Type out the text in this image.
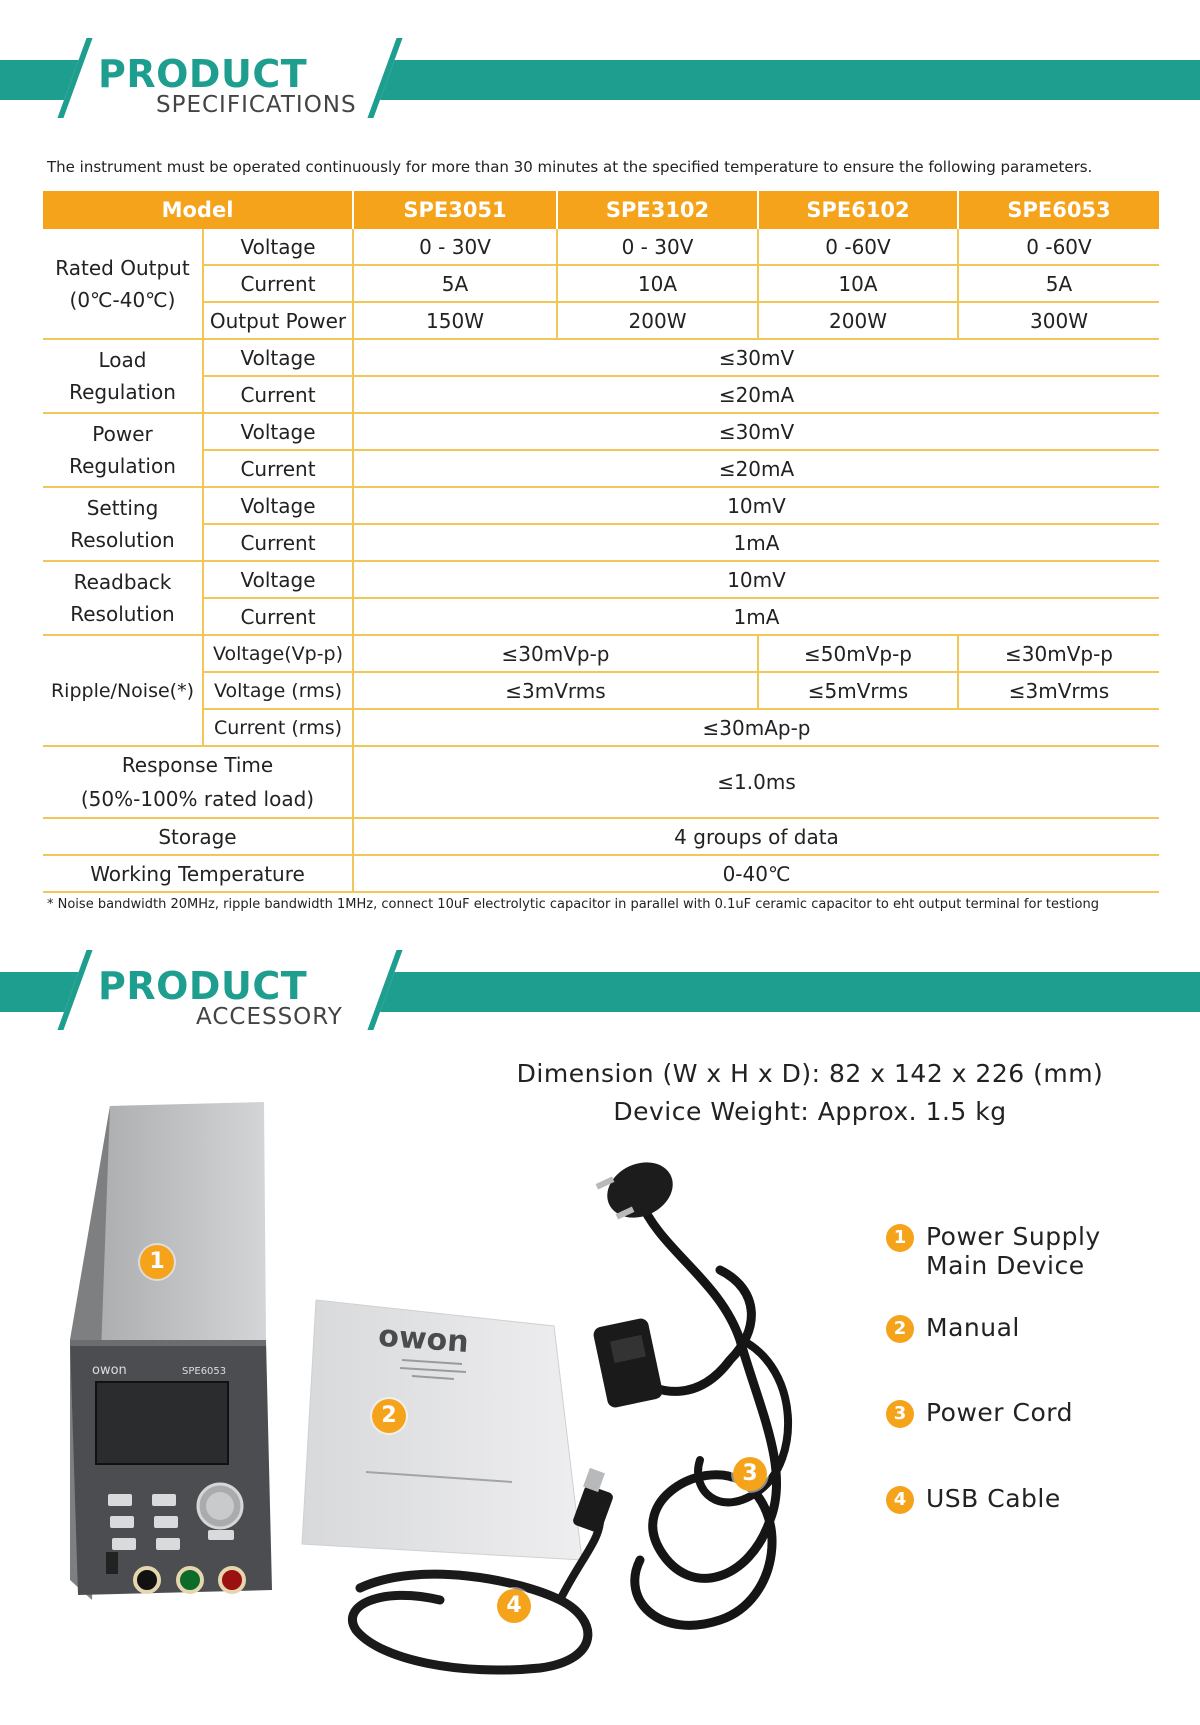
PRODUCT
SPECIFICATIONS
The instrument must be operated continuously for more than 30 minutes at the specified temperature to ensure the following parameters.
Model		SPE3051	SPE3102	SPE6102	SPE6053
Rated Output
(0℃-40℃)	Voltage	0 - 30V	0 - 30V	0 -60V	0 -60V
	Current	5A	10A	10A	5A
	Output Power	150W	200W	200W	300W
Load
Regulation	Voltage	≤30mV			
	Current	≤20mA			
Power
Regulation	Voltage	≤30mV			
	Current	≤20mA			
Setting
Resolution	Voltage	10mV			
	Current	1mA			
Readback
Resolution	Voltage	10mV			
	Current	1mA			
Ripple/Noise(*)	Voltage(Vp-p)	≤30mVp-p		≤50mVp-p	≤30mVp-p
	Voltage (rms)	≤3mVrms		≤5mVrms	≤3mVrms
	Current (rms)	≤30mAp-p			
Response Time
(50%-100% rated load)		≤1.0ms			
Storage		4 groups of data			
Working Temperature		0-40℃			
* Noise bandwidth 20MHz, ripple bandwidth 1MHz, connect 10uF electrolytic capacitor in parallel with 0.1uF ceramic capacitor to eht output terminal for testiong
PRODUCT
ACCESSORY
Dimension (W x H x D): 82 x 142 x 226 (mm)
Device Weight: Approx. 1.5 kg
owon	SPE6053
owon
1
2
3
4
1 Power Supply
Main Device
2 Manual
3 Power Cord
4 USB Cable
